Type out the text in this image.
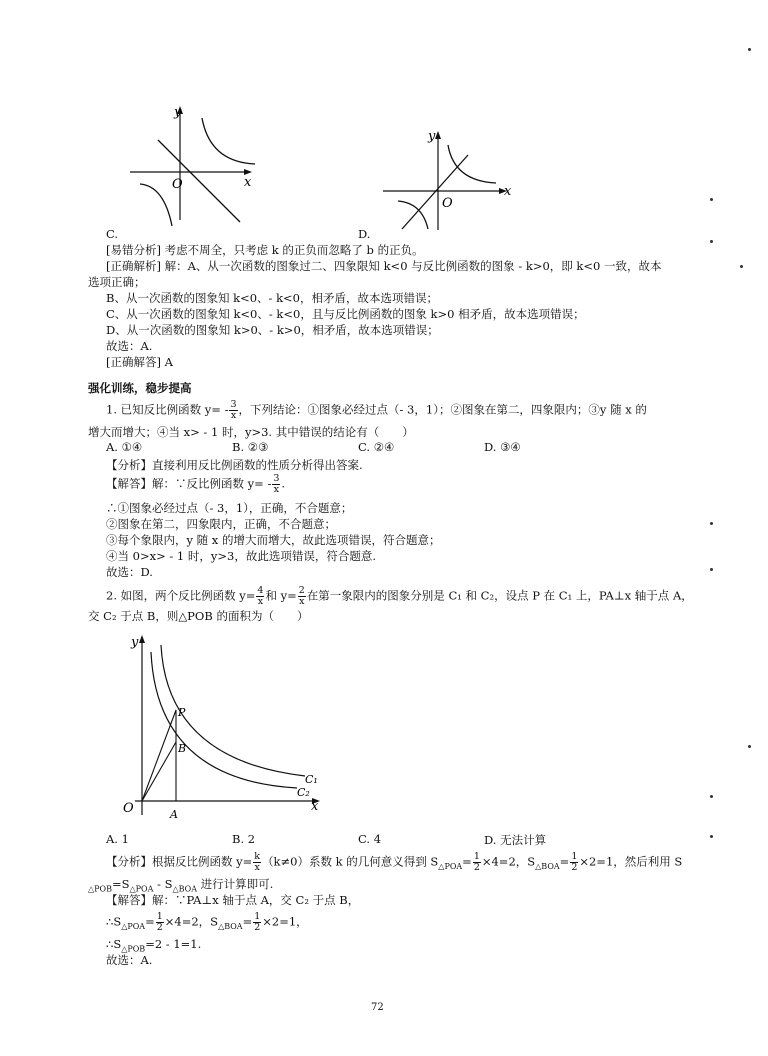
y
x
O
C.
y
x
O
D.
[易错分析] 考虑不周全，只考虑 k 的正负而忽略了 b 的正负。
[正确解析] 解：A、从一次函数的图象过二、四象限知 k<0 与反比例函数的图象 - k>0，即 k<0 一致，故本
选项正确；
B、从一次函数的图象知 k<0、- k<0，相矛盾，故本选项错误；
C、从一次函数的图象知 k<0、- k<0，且与反比例函数的图象 k>0 相矛盾，故本选项错误；
D、从一次函数的图象知 k>0、- k>0，相矛盾，故本选项错误；
故选：A.
[正确解答] A
强化训练，稳步提高
1. 已知反比例函数 $y= - \frac{3}{x}$ ，下列结论：①图象必经过点（- 3，1）；②图象在第二，四象限内；③y 随 x 的
增大而增大；④当 x> - 1 时，y>3. 其中错误的结论有（　　）
A. ①④	B. ②③	C. ②④	D. ③④
【分析】直接利用反比例函数的性质分析得出答案.
【解答】解：∵反比例函数 $y= - \frac{3}{x}$ .
∴①图象必经过点（- 3，1），正确，不合题意；
②图象在第二，四象限内，正确，不合题意；
③每个象限内，y 随 x 的增大而增大，故此选项错误，符合题意；
④当 0>x> - 1 时，y>3，故此选项错误，符合题意.
故选：D.
2. 如图，两个反比例函数 $y= \frac{4}{x}$ 和 $y= \frac{2}{x}$ 在第一象限内的图象分别是 C₁ 和 C₂，设点 P 在 C₁ 上，PA⊥x 轴于点 A，
交 C₂ 于点 B，则△POB 的面积为（　　）
y
x
O
P
B
A
C₁
C₂
A. 1	B. 2	C. 4	D. 无法计算
【分析】根据反比例函数 $y= \frac{k}{x} (k\ne 0)$系数 k 的几何意义得到 $S_{\triangle POA}= \frac{1}{2} \times 4=2$，$S_{\triangle BOA}= \frac{1}{2} \times 2=1$，然后利用 S
$_{\triangle POB}=S_{\triangle POA} - S_{\triangle BOA}$ 进行计算即可.
【解答】解：∵PA⊥x 轴于点 A，交 C₂ 于点 B，
$\therefore S_{\triangle POA}= \frac{1}{2} \times 4=2$，$S_{\triangle BOA}= \frac{1}{2} \times 2=1$，
$\therefore S_{\triangle POB}=2 - 1=1$.
故选：A.
72
